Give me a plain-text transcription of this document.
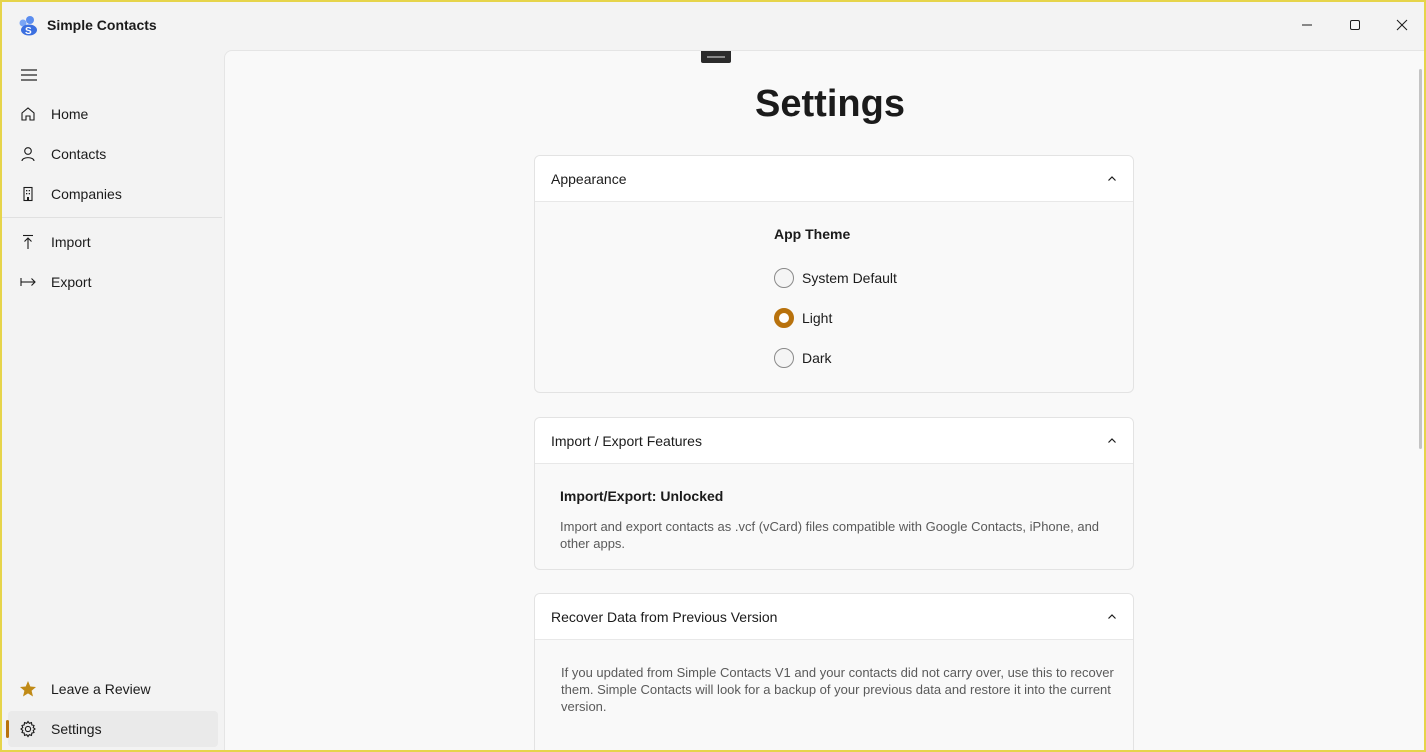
S Simple Contacts
Home
Contacts
Companies
Import
Export
Leave a Review
Settings
Settings
Appearance
App Theme
System Default
Light
Dark
Import / Export Features
Import/Export: Unlocked
Import and export contacts as .vcf (vCard) files compatible with Google Contacts, iPhone, and other apps.
Recover Data from Previous Version
If you updated from Simple Contacts V1 and your contacts did not carry over, use this to recover them. Simple Contacts will look for a backup of your previous data and restore it into the current version.
